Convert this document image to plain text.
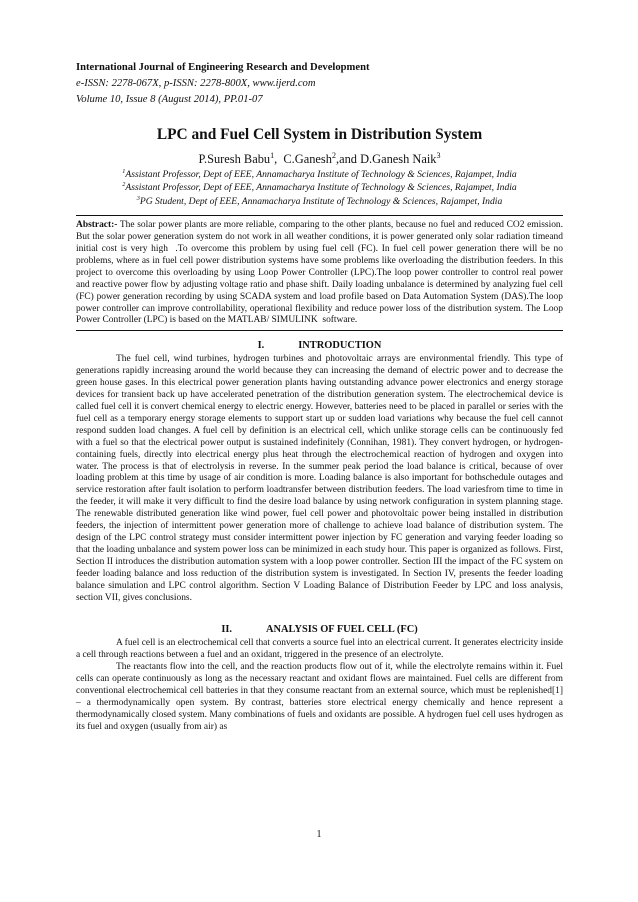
International Journal of Engineering Research and Development
e-ISSN: 2278-067X, p-ISSN: 2278-800X, www.ijerd.com
Volume 10, Issue 8 (August 2014), PP.01-07
LPC and Fuel Cell System in Distribution System
P.Suresh Babu$^1$,  C.Ganesh$^2$,and D.Ganesh Naik$^3$
$^1$Assistant Professor, Dept of EEE, Annamacharya Institute of Technology & Sciences, Rajampet, India
$^2$Assistant Professor, Dept of EEE, Annamacharya Institute of Technology & Sciences, Rajampet, India
$^3$PG Student, Dept of EEE, Annamacharya Institute of Technology & Sciences, Rajampet, India
Abstract:- The solar power plants are more reliable, comparing to the other plants, because no fuel and reduced CO2 emission.  But the solar power generation system do not work in all weather conditions, it is power generated only solar radiation timeand initial cost is very high  .To overcome this problem by using fuel cell (FC). In fuel cell power generation there will be no problems, where as in fuel cell power distribution systems have some problems like overloading the distribution feeders. In this project to overcome this overloading by using Loop Power Controller (LPC).The loop power controller to control real power and reactive power flow by adjusting voltage ratio and phase shift. Daily loading unbalance is determined by analyzing fuel cell (FC) power generation recording by using SCADA system and load profile based on Data Automation System (DAS).The loop power controller can improve controllability, operational flexibility and reduce power loss of the distribution system. The Loop Power Controller (LPC) is based on the MATLAB/ SIMULINK  software.
I.	INTRODUCTION

The fuel cell, wind turbines, hydrogen turbines and photovoltaic arrays are environmental friendly. This type of generations rapidly increasing around the world because they can increasing the demand of electric power and to decrease the green house gases. In this electrical power generation plants having outstanding advance power electronics and energy storage devices for transient back up have accelerated penetration of the distribution generation system. The electrochemical device is called fuel cell it is convert chemical energy to electric energy. However, batteries need to be placed in parallel or series with the fuel cell as a temporary energy storage elements to support start up or sudden load variations why because the fuel cell cannot respond sudden load changes. A fuel cell by definition is an electrical cell, which unlike storage cells can be continuously fed with a fuel so that the electrical power output is sustained indefinitely (Connihan, 1981). They convert hydrogen, or hydrogen-containing fuels, directly into electrical energy plus heat through the electrochemical reaction of hydrogen and oxygen into water. The process is that of electrolysis in reverse. In the summer peak period the load balance is critical, because of over loading problem at this time by usage of air condition is more. Loading balance is also important for bothschedule outages and service restoration after fault isolation to perform loadtransfer between distribution feeders. The load variesfrom time to time in the feeder, it will make it very difficult to find the desire load balance by using network configuration in system planning stage. The renewable distributed generation like wind power, fuel cell power and photovoltaic power being installed in distribution feeders, the injection of intermittent power generation more of challenge to achieve load balance of distribution system. The design of the LPC control strategy must consider intermittent power injection by FC generation and varying feeder loading so that the loading unbalance and system power loss can be minimized in each study hour. This paper is organized as follows. First, Section II introduces the distribution automation system with a loop power controller. Section III the impact of the FC system on feeder loading balance and loss reduction of the distribution system is investigated. In Section IV, presents the feeder loading balance simulation and LPC control algorithm. Section V Loading Balance of Distribution Feeder by LPC and loss analysis, section VII, gives conclusions.

II.	ANALYSIS OF FUEL CELL (FC)

A fuel cell is an electrochemical cell that converts a source fuel into an electrical current. It generates electricity inside a cell through reactions between a fuel and an oxidant, triggered in the presence of an electrolyte.

The reactants flow into the cell, and the reaction products flow out of it, while the electrolyte remains within it. Fuel cells can operate continuously as long as the necessary reactant and oxidant flows are maintained. Fuel cells are different from conventional electrochemical cell batteries in that they consume reactant from an external source, which must be replenished[1] – a thermodynamically open system. By contrast, batteries store electrical energy chemically and hence represent a thermodynamically closed system. Many combinations of fuels and oxidants are possible. A hydrogen fuel cell uses hydrogen as its fuel and oxygen (usually from air) as

1
